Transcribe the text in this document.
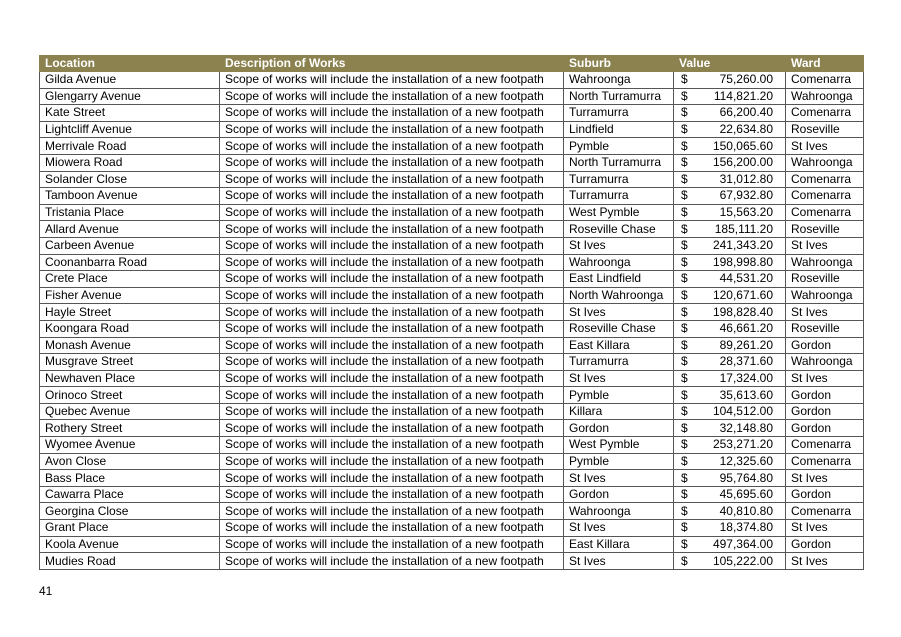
Location	Description of Works	Suburb	Value	Ward
Gilda Avenue	Scope of works will include the installation of a new footpath	Wahroonga	$ 75,260.00	Comenarra
Glengarry Avenue	Scope of works will include the installation of a new footpath	North Turramurra	$ 114,821.20	Wahroonga
Kate Street	Scope of works will include the installation of a new footpath	Turramurra	$ 66,200.40	Comenarra
Lightcliff Avenue	Scope of works will include the installation of a new footpath	Lindfield	$ 22,634.80	Roseville
Merrivale Road	Scope of works will include the installation of a new footpath	Pymble	$ 150,065.60	St Ives
Miowera Road	Scope of works will include the installation of a new footpath	North Turramurra	$ 156,200.00	Wahroonga
Solander Close	Scope of works will include the installation of a new footpath	Turramurra	$ 31,012.80	Comenarra
Tamboon Avenue	Scope of works will include the installation of a new footpath	Turramurra	$ 67,932.80	Comenarra
Tristania Place	Scope of works will include the installation of a new footpath	West Pymble	$ 15,563.20	Comenarra
Allard Avenue	Scope of works will include the installation of a new footpath	Roseville Chase	$ 185,111.20	Roseville
Carbeen Avenue	Scope of works will include the installation of a new footpath	St Ives	$ 241,343.20	St Ives
Coonanbarra Road	Scope of works will include the installation of a new footpath	Wahroonga	$ 198,998.80	Wahroonga
Crete Place	Scope of works will include the installation of a new footpath	East Lindfield	$ 44,531.20	Roseville
Fisher Avenue	Scope of works will include the installation of a new footpath	North Wahroonga	$ 120,671.60	Wahroonga
Hayle Street	Scope of works will include the installation of a new footpath	St Ives	$ 198,828.40	St Ives
Koongara Road	Scope of works will include the installation of a new footpath	Roseville Chase	$ 46,661.20	Roseville
Monash Avenue	Scope of works will include the installation of a new footpath	East Killara	$ 89,261.20	Gordon
Musgrave Street	Scope of works will include the installation of a new footpath	Turramurra	$ 28,371.60	Wahroonga
Newhaven Place	Scope of works will include the installation of a new footpath	St Ives	$ 17,324.00	St Ives
Orinoco Street	Scope of works will include the installation of a new footpath	Pymble	$ 35,613.60	Gordon
Quebec Avenue	Scope of works will include the installation of a new footpath	Killara	$ 104,512.00	Gordon
Rothery Street	Scope of works will include the installation of a new footpath	Gordon	$ 32,148.80	Gordon
Wyomee Avenue	Scope of works will include the installation of a new footpath	West Pymble	$ 253,271.20	Comenarra
Avon Close	Scope of works will include the installation of a new footpath	Pymble	$ 12,325.60	Comenarra
Bass Place	Scope of works will include the installation of a new footpath	St Ives	$ 95,764.80	St Ives
Cawarra Place	Scope of works will include the installation of a new footpath	Gordon	$ 45,695.60	Gordon
Georgina Close	Scope of works will include the installation of a new footpath	Wahroonga	$ 40,810.80	Comenarra
Grant Place	Scope of works will include the installation of a new footpath	St Ives	$ 18,374.80	St Ives
Koola Avenue	Scope of works will include the installation of a new footpath	East Killara	$ 497,364.00	Gordon
Mudies Road	Scope of works will include the installation of a new footpath	St Ives	$ 105,222.00	St Ives
41
